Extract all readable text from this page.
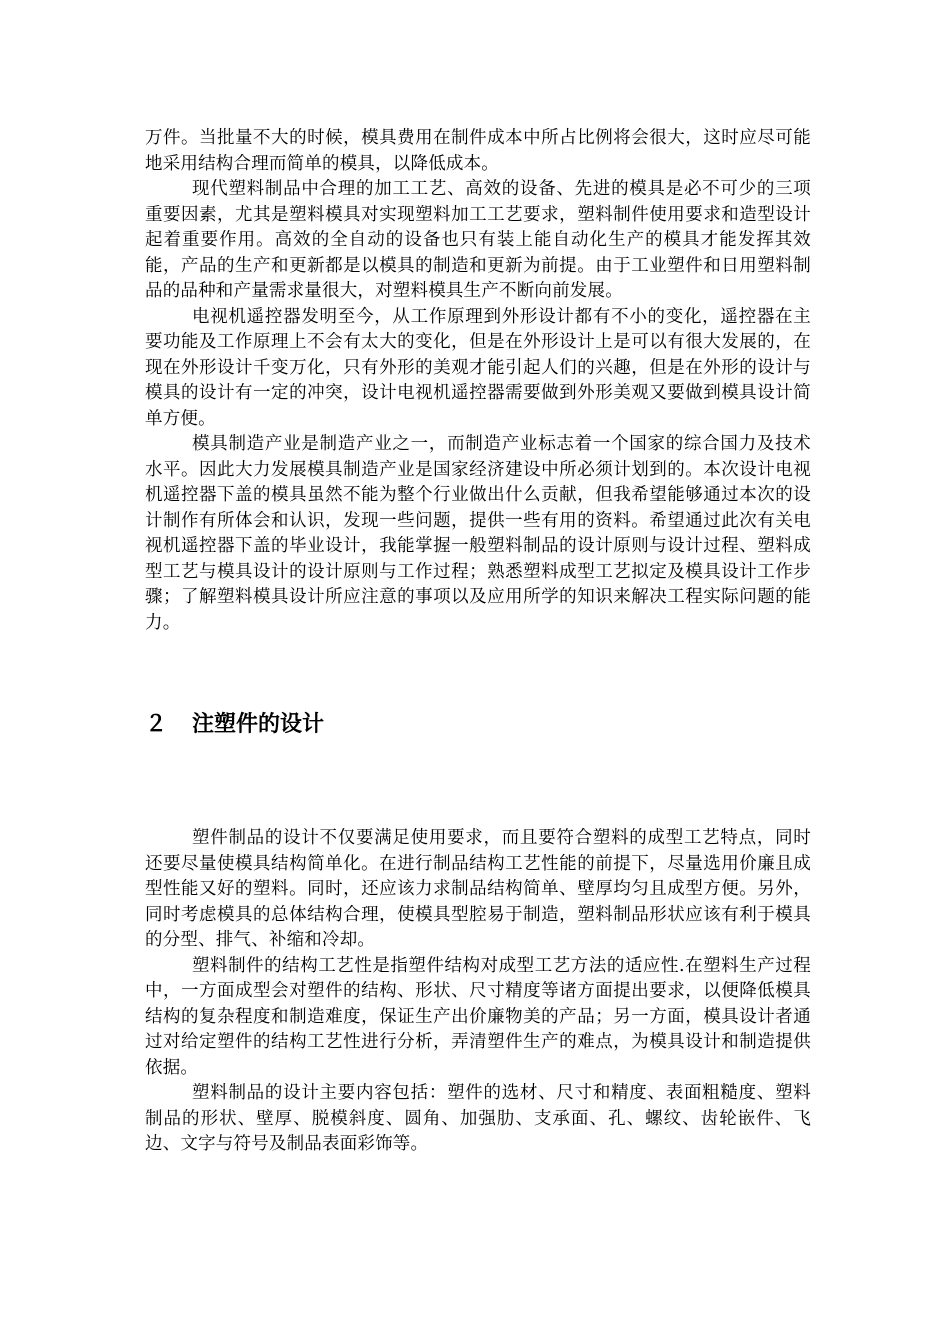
万件。当批量不大的时候，模具费用在制件成本中所占比例将会很大，这时应尽可能地采用结构合理而简单的模具，以降低成本。

现代塑料制品中合理的加工工艺、高效的设备、先进的模具是必不可少的三项重要因素，尤其是塑料模具对实现塑料加工工艺要求，塑料制件使用要求和造型设计起着重要作用。高效的全自动的设备也只有装上能自动化生产的模具才能发挥其效能，产品的生产和更新都是以模具的制造和更新为前提。由于工业塑件和日用塑料制品的品种和产量需求量很大，对塑料模具生产不断向前发展。

电视机遥控器发明至今，从工作原理到外形设计都有不小的变化，遥控器在主要功能及工作原理上不会有太大的变化，但是在外形设计上是可以有很大发展的，在现在外形设计千变万化，只有外形的美观才能引起人们的兴趣，但是在外形的设计与模具的设计有一定的冲突，设计电视机遥控器需要做到外形美观又要做到模具设计简单方便。

模具制造产业是制造产业之一，而制造产业标志着一个国家的综合国力及技术水平。因此大力发展模具制造产业是国家经济建设中所必须计划到的。本次设计电视机遥控器下盖的模具虽然不能为整个行业做出什么贡献，但我希望能够通过本次的设计制作有所体会和认识，发现一些问题，提供一些有用的资料。希望通过此次有关电视机遥控器下盖的毕业设计，我能掌握一般塑料制品的设计原则与设计过程、塑料成型工艺与模具设计的设计原则与工作过程；熟悉塑料成型工艺拟定及模具设计工作步骤；了解塑料模具设计所应注意的事项以及应用所学的知识来解决工程实际问题的能力。

２ 注塑件的设计

塑件制品的设计不仅要满足使用要求，而且要符合塑料的成型工艺特点，同时还要尽量使模具结构简单化。在进行制品结构工艺性能的前提下，尽量选用价廉且成型性能又好的塑料。同时，还应该力求制品结构简单、壁厚均匀且成型方便。另外，同时考虑模具的总体结构合理，使模具型腔易于制造，塑料制品形状应该有利于模具的分型、排气、补缩和冷却。

塑料制件的结构工艺性是指塑件结构对成型工艺方法的适应性.在塑料生产过程中，一方面成型会对塑件的结构、形状、尺寸精度等诸方面提出要求，以便降低模具结构的复杂程度和制造难度，保证生产出价廉物美的产品；另一方面，模具设计者通过对给定塑件的结构工艺性进行分析，弄清塑件生产的难点，为模具设计和制造提供依据。

塑料制品的设计主要内容包括：塑件的选材、尺寸和精度、表面粗糙度、塑料制品的形状、壁厚、脱模斜度、圆角、加强肋、支承面、孔、螺纹、齿轮嵌件、飞边、文字与符号及制品表面彩饰等。
